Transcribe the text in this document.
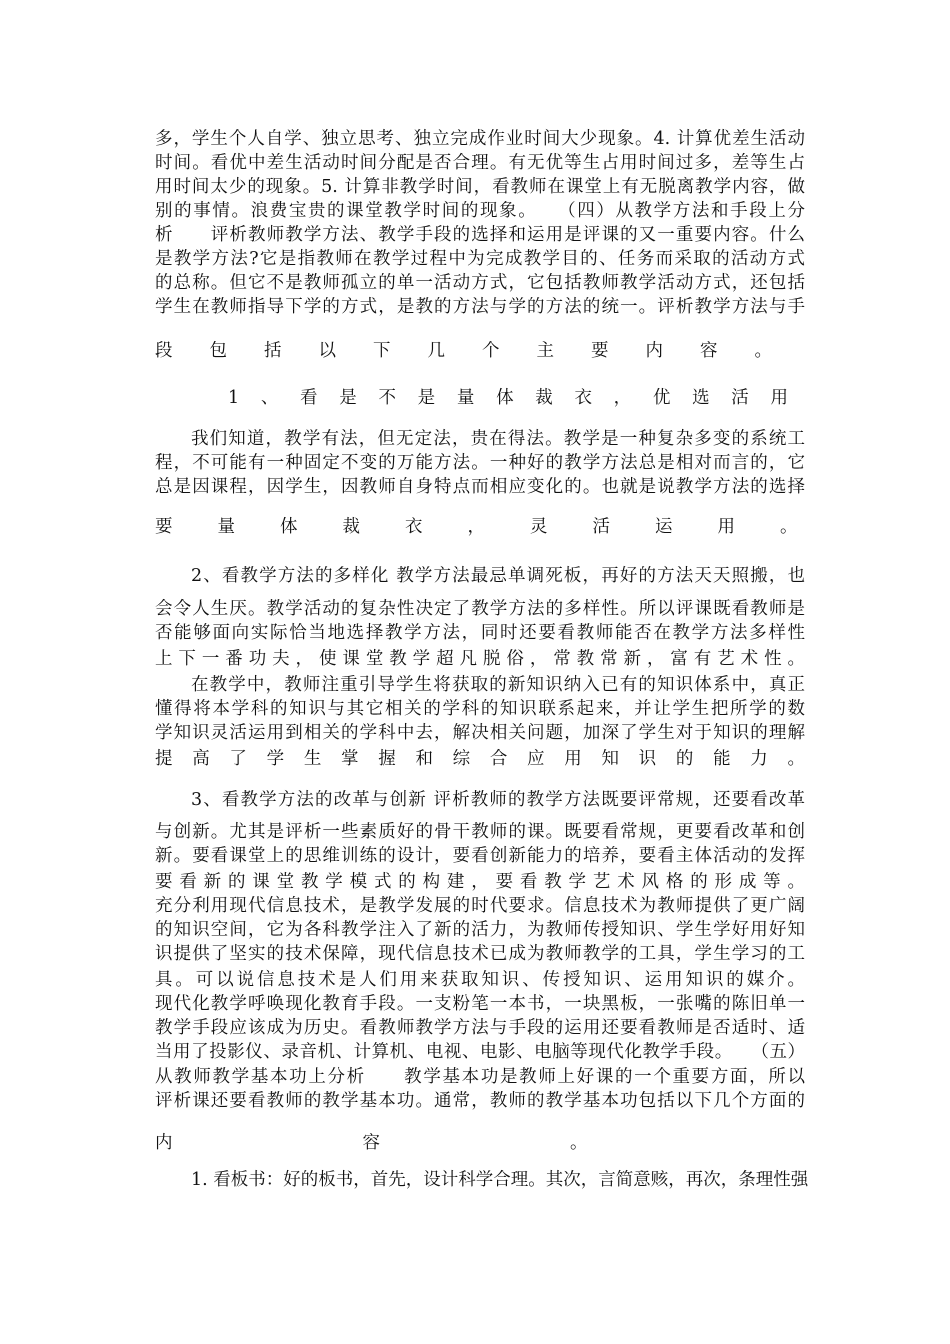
多，学生个人自学、独立思考、独立完成作业时间大少现象。4. 计算优差生活动
时间。看优中差生活动时间分配是否合理。有无优等生占用时间过多，差等生占
用时间太少的现象。5. 计算非教学时间，看教师在课堂上有无脱离教学内容，做
别的事情。浪费宝贵的课堂教学时间的现象。　　（四）从教学方法和手段上分
析　　评析教师教学方法、教学手段的选择和运用是评课的又一重要内容。什么
是教学方法?它是指教师在教学过程中为完成教学目的、任务而采取的活动方式
的总称。但它不是教师孤立的单一活动方式，它包括教师教学活动方式，还包括
学生在教师指导下学的方式，是教的方法与学的方法的统一。评析教学方法与手
段包括以下几个主要内容。
1、看是不是量体裁衣，优选活用
我们知道，教学有法，但无定法，贵在得法。教学是一种复杂多变的系统工
程，不可能有一种固定不变的万能方法。一种好的教学方法总是相对而言的，它
总是因课程，因学生，因教师自身特点而相应变化的。也就是说教学方法的选择
要量体裁衣，灵活运用。
2、看教学方法的多样化 教学方法最忌单调死板，再好的方法天天照搬，也
会令人生厌。教学活动的复杂性决定了教学方法的多样性。所以评课既看教师是
否能够面向实际恰当地选择教学方法，同时还要看教师能否在教学方法多样性
上下一番功夫，使课堂教学超凡脱俗，常教常新，富有艺术性。
在教学中，教师注重引导学生将获取的新知识纳入已有的知识体系中，真正
懂得将本学科的知识与其它相关的学科的知识联系起来，并让学生把所学的数
学知识灵活运用到相关的学科中去，解决相关问题，加深了学生对于知识的理解
提高了学生掌握和综合应用知识的能力。
3、看教学方法的改革与创新 评析教师的教学方法既要评常规，还要看改革
与创新。尤其是评析一些素质好的骨干教师的课。既要看常规，更要看改革和创
新。要看课堂上的思维训练的设计，要看创新能力的培养，要看主体活动的发挥
要看新的课堂教学模式的构建，要看教学艺术风格的形成等。
充分利用现代信息技术，是教学发展的时代要求。信息技术为教师提供了更广阔
的知识空间，它为各科教学注入了新的活力，为教师传授知识、学生学好用好知
识提供了坚实的技术保障，现代信息技术已成为教师教学的工具，学生学习的工
具。可以说信息技术是人们用来获取知识、传授知识、运用知识的媒介。
现代化教学呼唤现化教育手段。一支粉笔一本书，一块黑板，一张嘴的陈旧单一
教学手段应该成为历史。看教师教学方法与手段的运用还要看教师是否适时、适
当用了投影仪、录音机、计算机、电视、电影、电脑等现代化教学手段。　　（五）
从教师教学基本功上分析　　教学基本功是教师上好课的一个重要方面，所以
评析课还要看教师的教学基本功。通常，教师的教学基本功包括以下几个方面的
内容。
1. 看板书：好的板书，首先，设计科学合理。其次，言简意赅，再次，条理性强
